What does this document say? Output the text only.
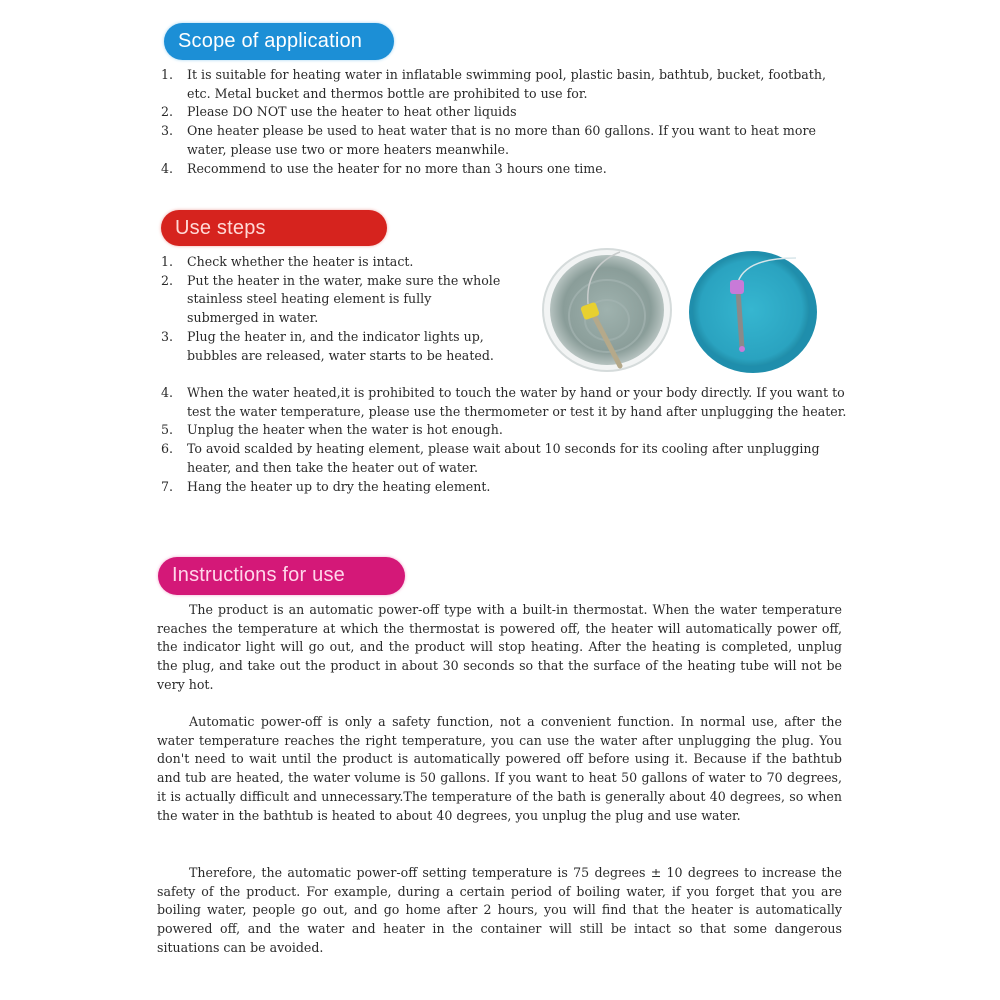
Scope of application
1. It is suitable for heating water in inflatable swimming pool, plastic basin, bathtub, bucket, footbath, etc. Metal bucket and thermos bottle are prohibited to use for.
2. Please DO NOT use the heater to heat other liquids
3. One heater please be used to heat water that is no more than 60 gallons. If you want to heat more water, please use two or more heaters meanwhile.
4. Recommend to use the heater for no more than 3 hours one time.
Use steps
1. Check whether the heater is intact.
2. Put the heater in the water, make sure the whole stainless steel heating element is fully submerged in water.
3. Plug the heater in, and the indicator lights up, bubbles are released, water starts to be heated.
4. When the water heated,it is prohibited to touch the water by hand or your body directly. If you want to test the water temperature, please use the thermometer or test it by hand after unplugging the heater.
5. Unplug the heater when the water is hot enough.
6. To avoid scalded by heating element, please wait about 10 seconds for its cooling after unplugging heater, and then take the heater out of water.
7. Hang the heater up to dry the heating element.
Instructions for use

The product is an automatic power-off type with a built-in thermostat. When the water temperature reaches the temperature at which the thermostat is powered off, the heater will automatically power off, the indicator light will go out, and the product will stop heating. After the heating is completed, unplug the plug, and take out the product in about 30 seconds so that the surface of the heating tube will not be very hot.

Automatic power-off is only a safety function, not a convenient function. In normal use, after the water temperature reaches the right temperature, you can use the water after unplugging the plug. You don't need to wait until the product is automatically powered off before using it. Because if the bathtub and tub are heated, the water volume is 50 gallons. If you want to heat 50 gallons of water to 70 degrees, it is actually difficult and unnecessary.The temperature of the bath is generally about 40 degrees, so when the water in the bathtub is heated to about 40 degrees, you unplug the plug and use water.

Therefore, the automatic power-off setting temperature is 75 degrees ± 10 degrees to increase the safety of the product. For example, during a certain period of boiling water, if you forget that you are boiling water, people go out, and go home after 2 hours, you will find that the heater is automatically powered off, and the water and heater in the container will still be intact so that some dangerous situations can be avoided.
